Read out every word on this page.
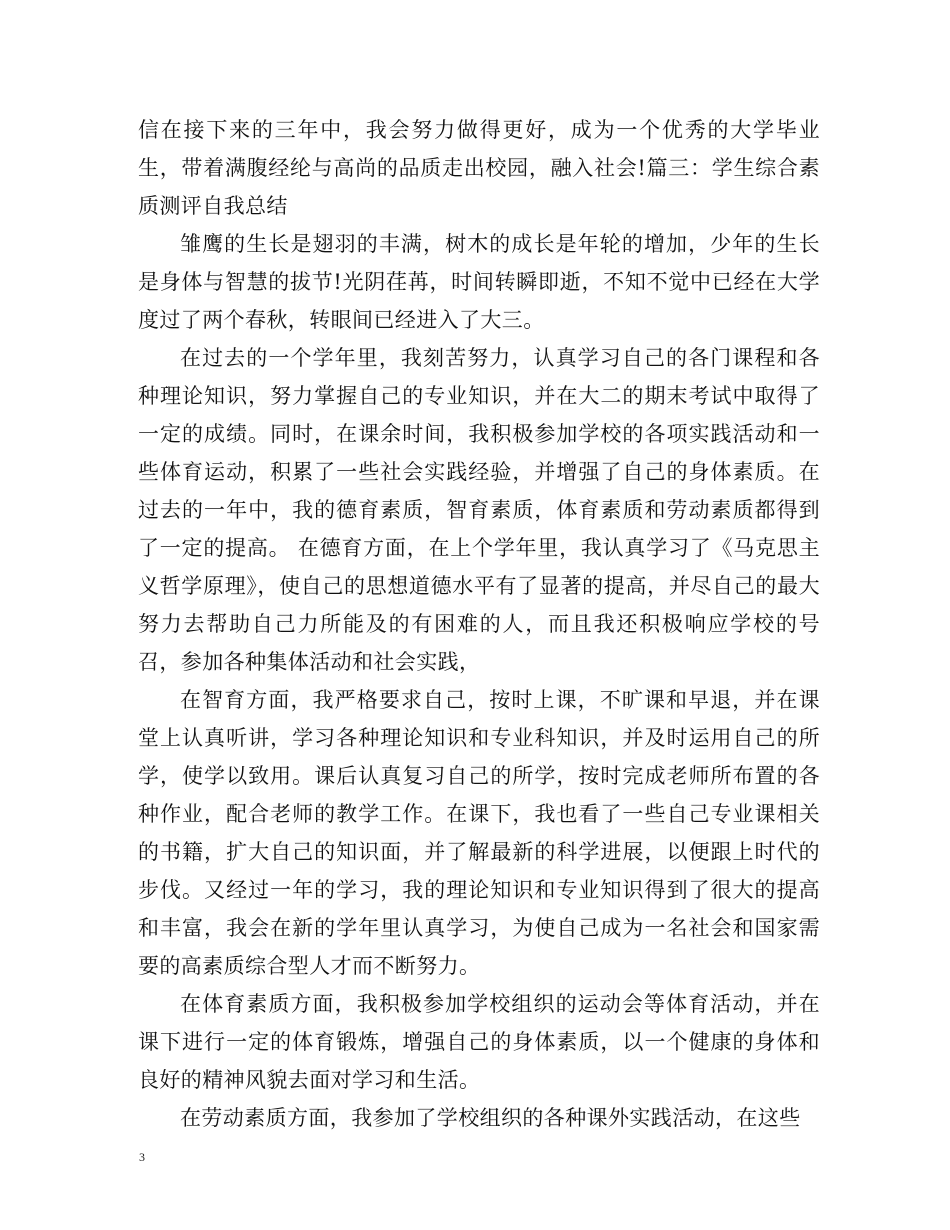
信在接下来的三年中，我会努力做得更好，成为一个优秀的大学毕业生，带着满腹经纶与高尚的品质走出校园，融入社会!篇三：学生综合素质测评自我总结

雏鹰的生长是翅羽的丰满，树木的成长是年轮的增加，少年的生长是身体与智慧的拔节!光阴荏苒，时间转瞬即逝，不知不觉中已经在大学度过了两个春秋，转眼间已经进入了大三。

在过去的一个学年里，我刻苦努力，认真学习自己的各门课程和各种理论知识，努力掌握自己的专业知识，并在大二的期末考试中取得了一定的成绩。同时，在课余时间，我积极参加学校的各项实践活动和一些体育运动，积累了一些社会实践经验，并增强了自己的身体素质。在过去的一年中，我的德育素质，智育素质，体育素质和劳动素质都得到了一定的提高。 在德育方面，在上个学年里，我认真学习了《马克思主义哲学原理》，使自己的思想道德水平有了显著的提高，并尽自己的最大努力去帮助自己力所能及的有困难的人，而且我还积极响应学校的号召，参加各种集体活动和社会实践，

在智育方面，我严格要求自己，按时上课，不旷课和早退，并在课堂上认真听讲，学习各种理论知识和专业科知识，并及时运用自己的所学，使学以致用。课后认真复习自己的所学，按时完成老师所布置的各种作业，配合老师的教学工作。在课下，我也看了一些自己专业课相关的书籍，扩大自己的知识面，并了解最新的科学进展，以便跟上时代的步伐。又经过一年的学习，我的理论知识和专业知识得到了很大的提高和丰富，我会在新的学年里认真学习，为使自己成为一名社会和国家需要的高素质综合型人才而不断努力。

在体育素质方面，我积极参加学校组织的运动会等体育活动，并在课下进行一定的体育锻炼，增强自己的身体素质，以一个健康的身体和良好的精神风貌去面对学习和生活。

在劳动素质方面，我参加了学校组织的各种课外实践活动，在这些

3
